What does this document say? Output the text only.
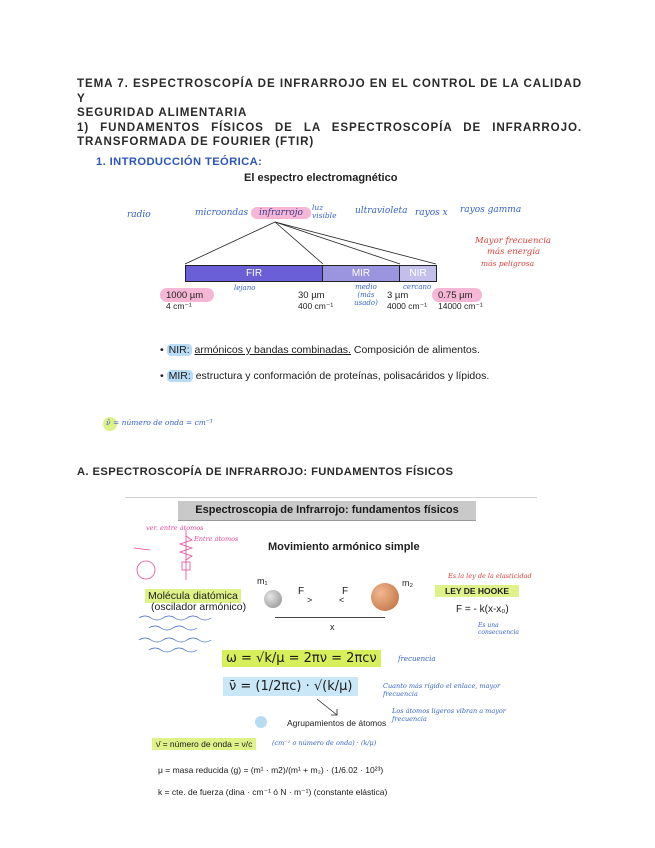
TEMA 7. ESPECTROSCOPÍA DE INFRARROJO EN EL CONTROL DE LA CALIDAD Y
SEGURIDAD ALIMENTARIA
1) FUNDAMENTOS FÍSICOS DE LA ESPECTROSCOPÍA DE INFRARROJO.
TRANSFORMADA DE FOURIER (FTIR)
1. INTRODUCCIÓN TEÓRICA:
El espectro electromagnético
radio	microondas	infrarrojo
luz visible	ultravioleta rayos x rayos gamma
Mayor frecuencia
más energía
más peligrosa
FIR	MIR	NIR
lejano	medio (más usado)
cercano
1000 µm
4 cm⁻¹
30 µm
400 cm⁻¹
3 µm
4000 cm⁻¹
0.75 µm
14000 cm⁻¹
• NIR: armónicos y bandas combinadas. Composición de alimentos.
• MIR: estructura y conformación de proteínas, polisacáridos y lípidos.
ν̄ = número de onda = cm⁻¹
A. ESPECTROSCOPÍA DE INFRARROJO: FUNDAMENTOS FÍSICOS
Espectroscopia de Infrarrojo: fundamentos físicos
Movimiento armónico simple
ver. entre átomos
Entre átomos
Molécula diatómica
(oscilador armónico)
m₁
F
>
F
<
m₂
x
Es la ley de la elasticidad
LEY DE HOOKE
F = - k(x-x₀)
Es una consecuencia
ω = √k/μ = 2πν = 2πcν	frecuencia
ν̄ = (1/2πc) · √(k/μ)	Cuanto más rígido el enlace, mayor frecuencia
Los átomos ligeros vibran a mayor frecuencia
Agrupamientos de átomos
ν̄ = número de onda = ν/c	(cm⁻¹ o número de onda) · (k/μ)
μ = masa reducida (g) = (m¹ · m2)/(m¹ + m₂) · (1/6.02 · 10²³)
k = cte. de fuerza (dina · cm⁻¹ ó N · m⁻¹) (constante elástica)
